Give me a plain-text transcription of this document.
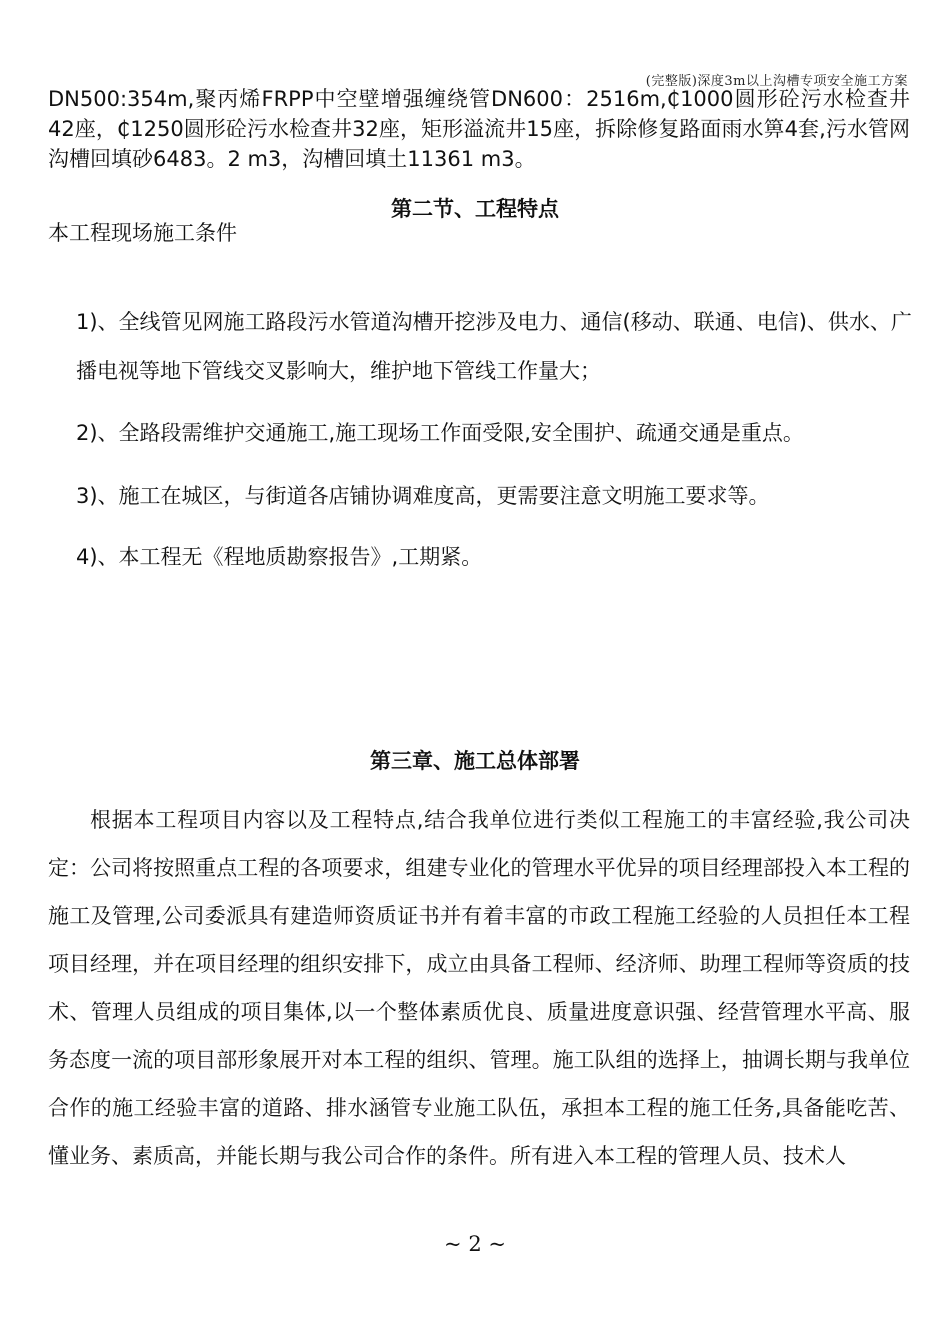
(完整版)深度3m以上沟槽专项安全施工方案

DN500:354m,聚丙烯FRPP中空壁增强缠绕管DN600：2516m,₵1000圆形砼污水检查井42座，₵1250圆形砼污水检查井32座，矩形溢流井15座，拆除修复路面雨水箅4套,污水管网沟槽回填砂6483。2 m3，沟槽回填土11361 m3。

第二节、工程特点

本工程现场施工条件

1)、全线管见网施工路段污水管道沟槽开挖涉及电力、通信(移动、联通、电信)、供水、广播电视等地下管线交叉影响大，维护地下管线工作量大；

2)、全路段需维护交通施工,施工现场工作面受限,安全围护、疏通交通是重点。

3)、施工在城区，与街道各店铺协调难度高，更需要注意文明施工要求等。

4)、本工程无《程地质勘察报告》,工期紧。

第三章、施工总体部署

根据本工程项目内容以及工程特点,结合我单位进行类似工程施工的丰富经验,我公司决定：公司将按照重点工程的各项要求，组建专业化的管理水平优异的项目经理部投入本工程的施工及管理,公司委派具有建造师资质证书并有着丰富的市政工程施工经验的人员担任本工程项目经理，并在项目经理的组织安排下，成立由具备工程师、经济师、助理工程师等资质的技术、管理人员组成的项目集体,以一个整体素质优良、质量进度意识强、经营管理水平高、服务态度一流的项目部形象展开对本工程的组织、管理。施工队组的选择上，抽调长期与我单位合作的施工经验丰富的道路、排水涵管专业施工队伍，承担本工程的施工任务,具备能吃苦、懂业务、素质高，并能长期与我公司合作的条件。所有进入本工程的管理人员、技术人

~ 2 ~
